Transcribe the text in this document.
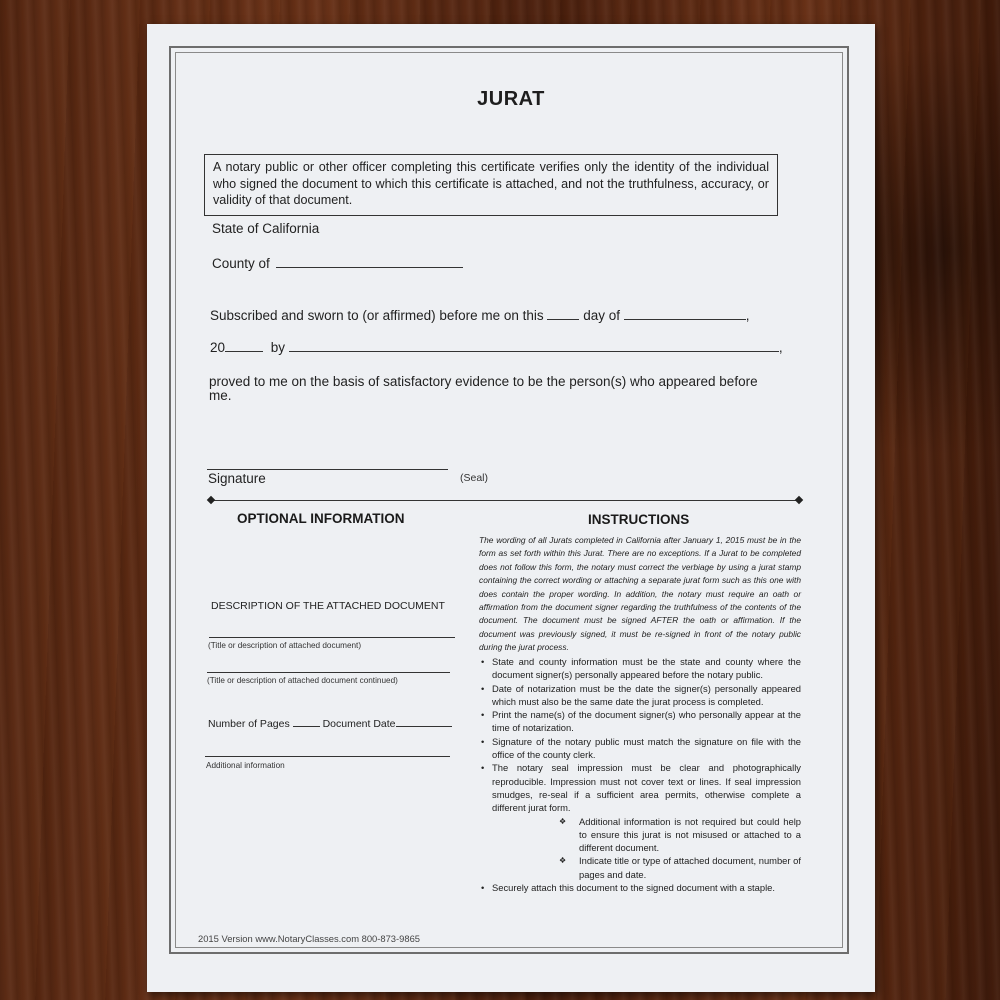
JURAT
A notary public or other officer completing this certificate verifies only the identity of the individual who signed the document to which this certificate is attached, and not the truthfulness, accuracy, or validity of that document.
State of California
County of
Subscribed and sworn to (or affirmed) before me on this	day of	,
20	by	,
proved to me on the basis of satisfactory evidence to be the person(s) who appeared before me.
Signature	(Seal)
OPTIONAL INFORMATION	INSTRUCTIONS
DESCRIPTION OF THE ATTACHED DOCUMENT
(Title or description of attached document)
(Title or description of attached document continued)
Number of Pages	Document Date
Additional information
The wording of all Jurats completed in California after January 1, 2015 must be in the form as set forth within this Jurat. There are no exceptions. If a Jurat to be completed does not follow this form, the notary must correct the verbiage by using a jurat stamp containing the correct wording or attaching a separate jurat form such as this one with does contain the proper wording. In addition, the notary must require an oath or affirmation from the document signer regarding the truthfulness of the contents of the document. The document must be signed AFTER the oath or affirmation. If the document was previously signed, it must be re-signed in front of the notary public during the jurat process.
• State and county information must be the state and county where the document signer(s) personally appeared before the notary public.
• Date of notarization must be the date the signer(s) personally appeared which must also be the same date the jurat process is completed.
• Print the name(s) of the document signer(s) who personally appear at the time of notarization.
• Signature of the notary public must match the signature on file with the office of the county clerk.
• The notary seal impression must be clear and photographically reproducible. Impression must not cover text or lines. If seal impression smudges, re-seal if a sufficient area permits, otherwise complete a different jurat form.
❖ Additional information is not required but could help to ensure this jurat is not misused or attached to a different document.
❖ Indicate title or type of attached document, number of pages and date.
• Securely attach this document to the signed document with a staple.
2015 Version www.NotaryClasses.com 800-873-9865
